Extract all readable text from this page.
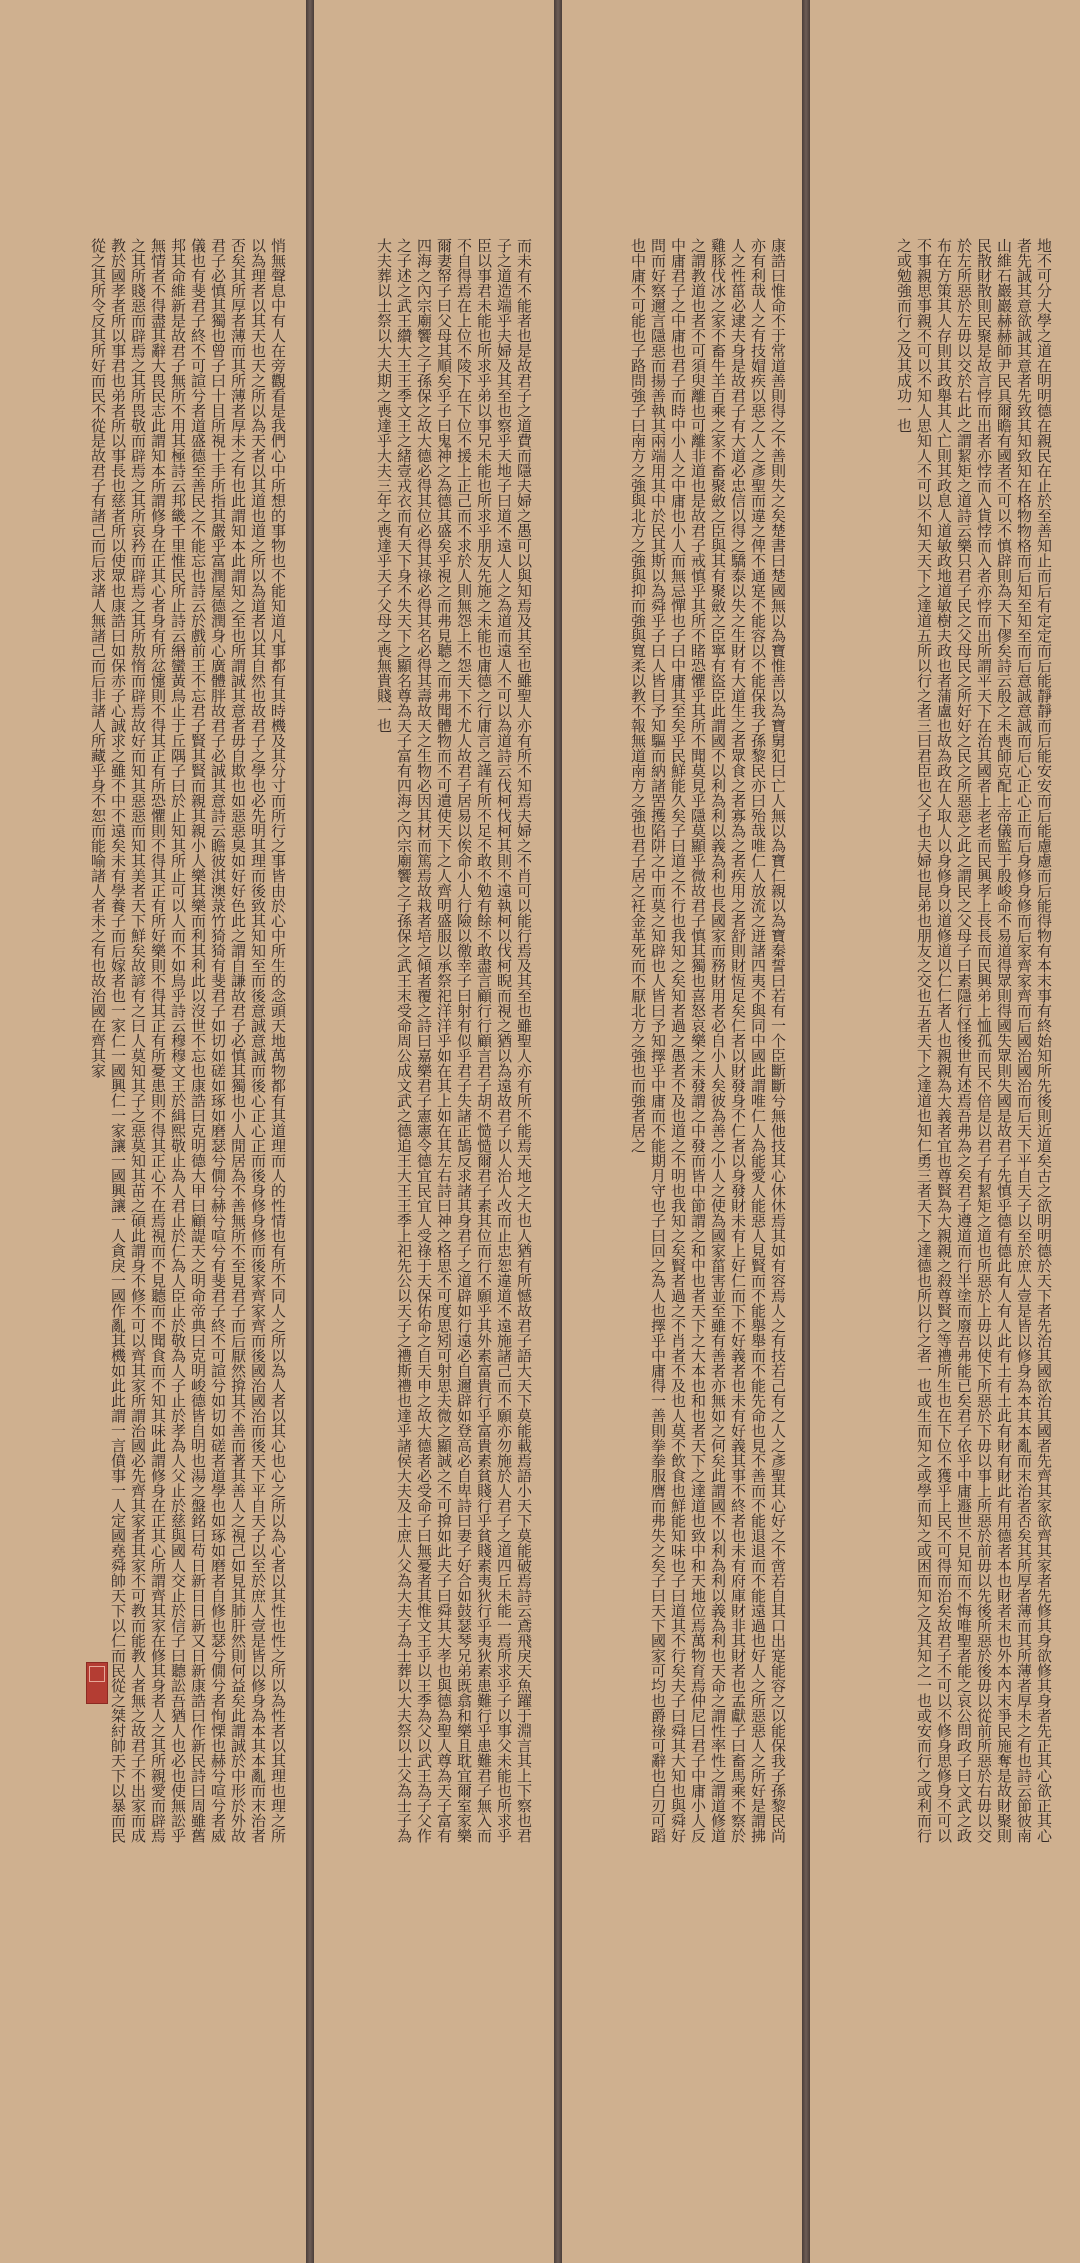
悄無聲息中有人在旁觀看是我們心中所想的事物也不能知道凡事都有其時機及其分寸而所行之事皆由於心中所生的念頭天地萬物都有其道理而人的性情也有所不同人之所以為人者以其心也心之所以為心者以其性也性之所以為性者以其理也理之所以為理者以其天也天之所以為天者以其道也道之所以為道者以其自然也故君子之學也必先明其理而後致其知知至而後意誠意誠而後心正心正而後身修身修而後家齊家齊而後國治國治而後天下平自天子以至於庶人壹是皆以修身為本其本亂而末治者否矣其所厚者薄而其所薄者厚未之有也此謂知本此謂知之至也所謂誠其意者毋自欺也如惡惡臭如好好色此之謂自謙故君子必慎其獨也小人閒居為不善無所不至見君子而后厭然揜其不善而著其善人之視己如見其肺肝然則何益矣此謂誠於中形於外故君子必慎其獨也曾子曰十目所視十手所指其嚴乎富潤屋德潤身心廣體胖故君子必誠其意詩云瞻彼淇澳菉竹猗猗有斐君子如切如磋如琢如磨瑟兮僩兮赫兮喧兮有斐君子終不可諠兮如切如磋者道學也如琢如磨者自修也瑟兮僩兮者恂慄也赫兮喧兮者威儀也有斐君子終不可諠兮者道盛德至善民之不能忘也詩云於戲前王不忘君子賢其賢而親其親小人樂其樂而利其利此以沒世不忘也康誥曰克明德大甲曰顧諟天之明命帝典曰克明峻德皆自明也湯之盤銘曰苟日新日日新又日新康誥曰作新民詩曰周雖舊邦其命維新是故君子無所不用其極詩云邦畿千里惟民所止詩云緡蠻黃鳥止于丘隅子曰於止知其所止可以人而不如鳥乎詩云穆穆文王於緝熙敬止為人君止於仁為人臣止於敬為人子止於孝為人父止於慈與國人交止於信子曰聽訟吾猶人也必也使無訟乎無情者不得盡其辭大畏民志此謂知本所謂修身在正其心者身有所忿懥則不得其正有所恐懼則不得其正有所好樂則不得其正有所憂患則不得其正心不在焉視而不見聽而不聞食而不知其味此謂修身在正其心所謂齊其家在修其身者人之其所親愛而辟焉之其所賤惡而辟焉之其所畏敬而辟焉之其所哀矜而辟焉之其所敖惰而辟焉故好而知其惡惡而知其美者天下鮮矣故諺有之曰人莫知其子之惡莫知其苗之碩此謂身不修不可以齊其家所謂治國必先齊其家者其家不可教而能教人者無之故君子不出家而成教於國孝者所以事君也弟者所以事長也慈者所以使眾也康誥曰如保赤子心誠求之雖不中不遠矣未有學養子而后嫁者也一家仁一國興仁一家讓一國興讓一人貪戾一國作亂其機如此此謂一言僨事一人定國堯舜帥天下以仁而民從之桀紂帥天下以暴而民從之其所令反其所好而民不從是故君子有諸己而后求諸人無諸己而后非諸人所藏乎身不恕而能喻諸人者未之有也故治國在齊其家	而未有不能者也是故君子之道費而隱夫婦之愚可以與知焉及其至也雖聖人亦有所不知焉夫婦之不肖可以能行焉及其至也雖聖人亦有所不能焉天地之大也人猶有所憾故君子語大天下莫能載焉語小天下莫能破焉詩云鳶飛戾天魚躍于淵言其上下察也君子之道造端乎夫婦及其至也察乎天地子曰道不遠人人之為道而遠人不可以為道詩云伐柯伐柯其則不遠執柯以伐柯睨而視之猶以為遠故君子以人治人改而止忠恕違道不遠施諸己而不願亦勿施於人君子之道四丘未能一焉所求乎子以事父未能也所求乎臣以事君未能也所求乎弟以事兄未能也所求乎朋友先施之未能也庸德之行庸言之謹有所不足不敢不勉有餘不敢盡言顧行行顧言君子胡不慥慥爾君子素其位而行不願乎其外素富貴行乎富貴素貧賤行乎貧賤素夷狄行乎夷狄素患難行乎患難君子無入而不自得焉在上位不陵下在下位不援上正己而不求於人則無怨上不怨天下不尤人故君子居易以俟命小人行險以徼幸子曰射有似乎君子失諸正鵠反求諸其身君子之道辟如行遠必自邇辟如登高必自卑詩曰妻子好合如鼓瑟琴兄弟既翕和樂且耽宜爾室家樂爾妻帑子曰父母其順矣乎子曰鬼神之為德其盛矣乎視之而弗見聽之而弗聞體物而不可遺使天下之人齊明盛服以承祭祀洋洋乎如在其上如在其左右詩曰神之格思不可度思矧可射思夫微之顯誠之不可揜如此夫子曰舜其大孝也與德為聖人尊為天子富有四海之內宗廟饗之子孫保之故大德必得其位必得其祿必得其名必得其壽故天之生物必因其材而篤焉故栽者培之傾者覆之詩曰嘉樂君子憲憲令德宜民宜人受祿于天保佑命之自天申之故大德者必受命子曰無憂者其惟文王乎以王季為父以武王為子父作之子述之武王纘大王王季文王之緒壹戎衣而有天下身不失天下之顯名尊為天子富有四海之內宗廟饗之子孫保之武王末受命周公成文武之德追王大王王季上祀先公以天子之禮斯禮也達乎諸侯大夫及士庶人父為大夫子為士葬以大夫祭以士父為士子為大夫葬以士祭以大夫期之喪達乎大夫三年之喪達乎天子父母之喪無貴賤一也	康誥曰惟命不于常道善則得之不善則失之矣楚書曰楚國無以為寶惟善以為寶舅犯曰亡人無以為寶仁親以為寶秦誓曰若有一个臣斷斷兮無他技其心休休焉其如有容焉人之有技若己有之人之彥聖其心好之不啻若自其口出寔能容之以能保我子孫黎民尚亦有利哉人之有技媢疾以惡之人之彥聖而違之俾不通寔不能容以不能保我子孫黎民亦曰殆哉唯仁人放流之迸諸四夷不與同中國此謂唯仁人為能愛人能惡人見賢而不能舉舉而不能先命也見不善而不能退退而不能遠過也好人之所惡惡人之所好是謂拂人之性菑必逮夫身是故君子有大道必忠信以得之驕泰以失之生財有大道生之者眾食之者寡為之者疾用之者舒則財恆足矣仁者以財發身不仁者以身發財未有上好仁而下不好義者也未有好義其事不終者也未有府庫財非其財者也孟獻子曰畜馬乘不察於雞豚伐冰之家不畜牛羊百乘之家不畜聚斂之臣與其有聚斂之臣寧有盜臣此謂國不以利為利以義為利也長國家而務財用者必自小人矣彼為善之小人之使為國家菑害並至雖有善者亦無如之何矣此謂國不以利為利以義為利也天命之謂性率性之謂道修道之謂教道也者不可須臾離也可離非道也是故君子戒慎乎其所不睹恐懼乎其所不聞莫見乎隱莫顯乎微故君子慎其獨也喜怒哀樂之未發謂之中發而皆中節謂之和中也者天下之大本也和也者天下之達道也致中和天地位焉萬物育焉仲尼曰君子中庸小人反中庸君子之中庸也君子而時中小人之中庸也小人而無忌憚也子曰中庸其至矣乎民鮮能久矣子曰道之不行也我知之矣知者過之愚者不及也道之不明也我知之矣賢者過之不肖者不及也人莫不飲食也鮮能知味也子曰道其不行矣夫子曰舜其大知也與舜好問而好察邇言隱惡而揚善執其兩端用其中於民其斯以為舜乎子曰人皆曰予知驅而納諸罟擭陷阱之中而莫之知辟也人皆曰予知擇乎中庸而不能期月守也子曰回之為人也擇乎中庸得一善則拳拳服膺而弗失之矣子曰天下國家可均也爵祿可辭也白刃可蹈也中庸不可能也子路問強子曰南方之強與北方之強與抑而強與寬柔以教不報無道南方之強也君子居之衽金革死而不厭北方之強也而強者居之	地不可分大學之道在明明德在親民在止於至善知止而后有定定而后能靜靜而后能安安而后能慮慮而后能得物有本末事有終始知所先後則近道矣古之欲明明德於天下者先治其國欲治其國者先齊其家欲齊其家者先修其身欲修其身者先正其心欲正其心者先誠其意欲誠其意者先致其知致知在格物物格而后知至知至而后意誠意誠而后心正心正而后身修身修而后家齊家齊而后國治國治而后天下平自天子以至於庶人壹是皆以修身為本其本亂而末治者否矣其所厚者薄而其所薄者厚未之有也詩云節彼南山維石巖巖赫赫師尹民具爾瞻有國者不可以不慎辟則為天下僇矣詩云殷之未喪師克配上帝儀監于殷峻命不易道得眾則得國失眾則失國是故君子先慎乎德有德此有人有人此有土有土此有財有財此有用德者本也財者末也外本內末爭民施奪是故財聚則民散財散則民聚是故言悖而出者亦悖而入貨悖而入者亦悖而出所謂平天下在治其國者上老老而民興孝上長長而民興弟上恤孤而民不倍是以君子有絜矩之道也所惡於上毋以使下所惡於下毋以事上所惡於前毋以先後所惡於後毋以從前所惡於右毋以交於左所惡於左毋以交於右此之謂絜矩之道詩云樂只君子民之父母民之所好好之民之所惡惡之此之謂民之父母子曰素隱行怪後世有述焉吾弗為之矣君子遵道而行半塗而廢吾弗能已矣君子依乎中庸遯世不見知而不悔唯聖者能之哀公問政子曰文武之政布在方策其人存則其政舉其人亡則其政息人道敏政地道敏樹夫政也者蒲盧也故為政在人取人以身修身以道修道以仁仁者人也親親為大義者宜也尊賢為大親親之殺尊賢之等禮所生也在下位不獲乎上民不可得而治矣故君子不可以不修身思修身不可以不事親思事親不可以不知人思知人不可以不知天天下之達道五所以行之者三曰君臣也父子也夫婦也昆弟也朋友之交也五者天下之達道也知仁勇三者天下之達德也所以行之者一也或生而知之或學而知之或困而知之及其知之一也或安而行之或利而行之或勉強而行之及其成功一也
